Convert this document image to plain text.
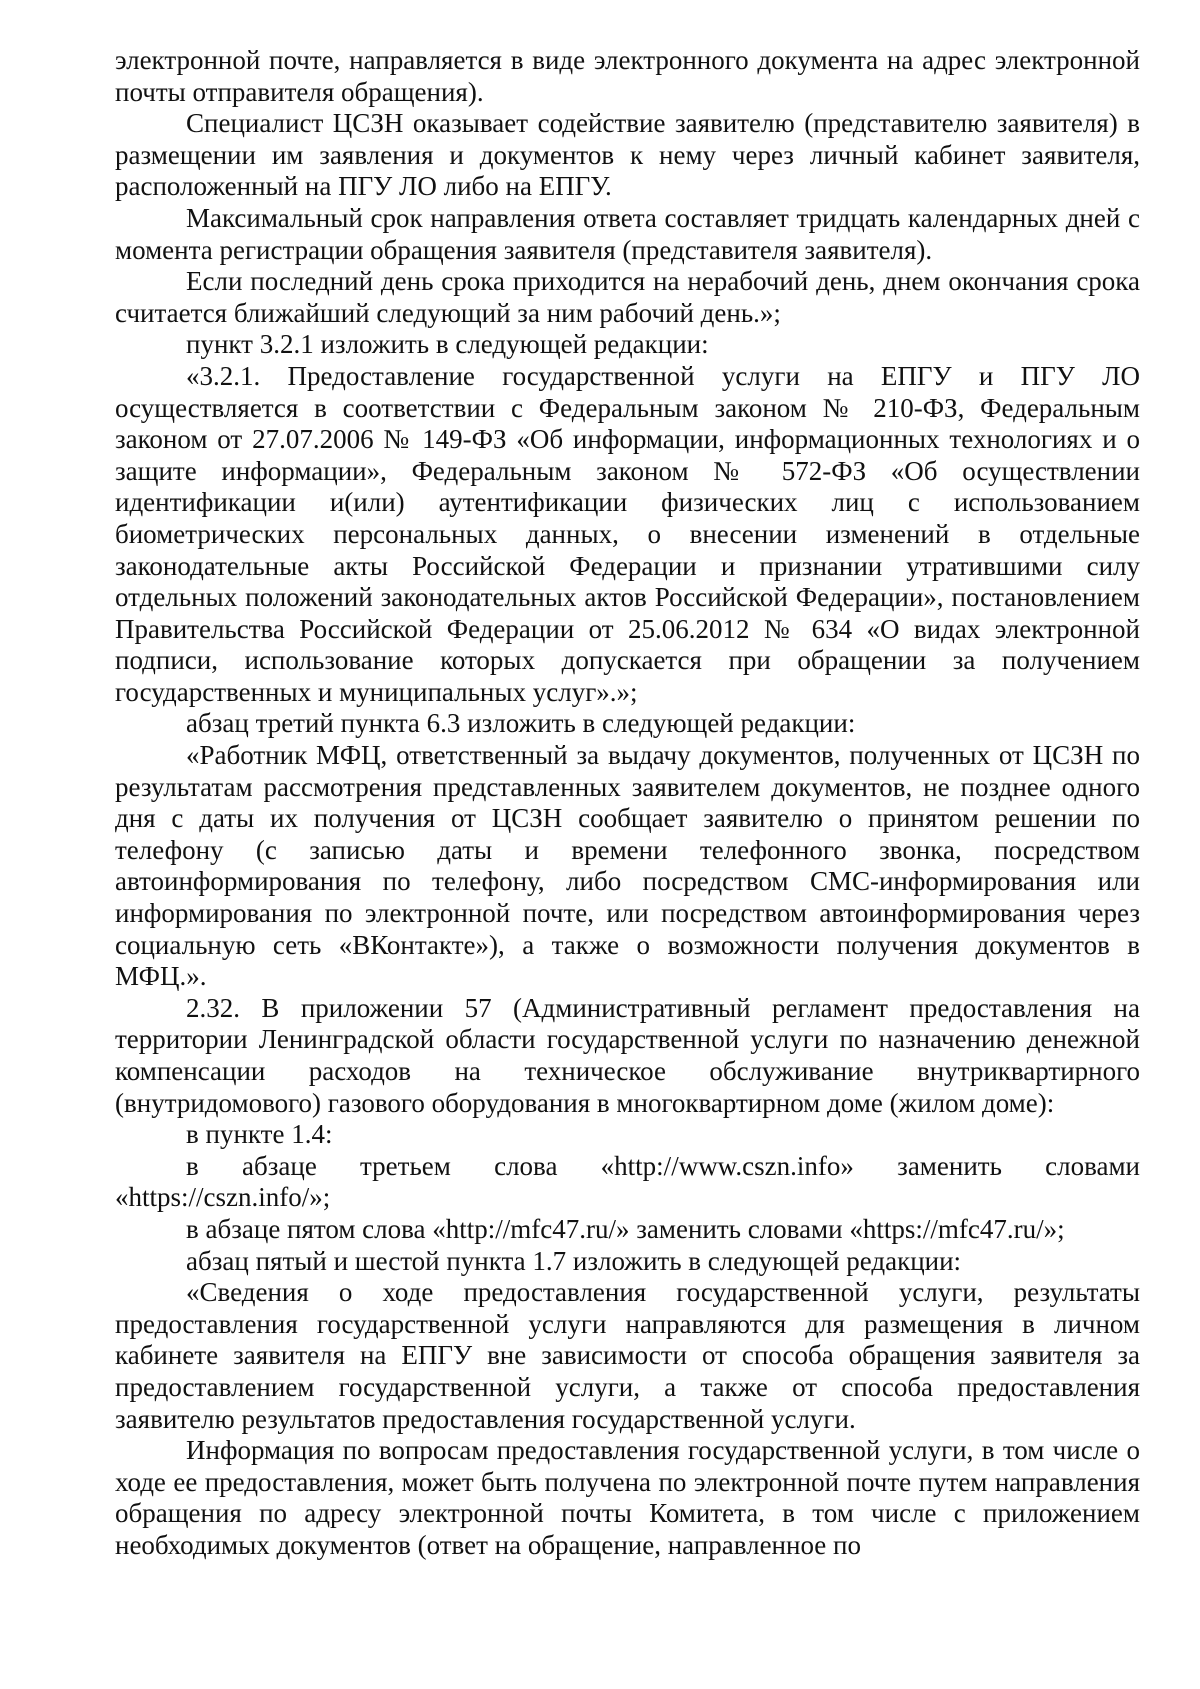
электронной почте, направляется в виде электронного документа на адрес электронной почты отправителя обращения).

Специалист ЦСЗН оказывает содействие заявителю (представителю заявителя) в размещении им заявления и документов к нему через личный кабинет заявителя, расположенный на ПГУ ЛО либо на ЕПГУ.

Максимальный срок направления ответа составляет тридцать календарных дней с момента регистрации обращения заявителя (представителя заявителя).

Если последний день срока приходится на нерабочий день, днем окончания срока считается ближайший следующий за ним рабочий день.»;

пункт 3.2.1 изложить в следующей редакции:

«3.2.1. Предоставление государственной услуги на ЕПГУ и ПГУ ЛО осуществляется в соответствии с Федеральным законом № 210-ФЗ, Федеральным законом от 27.07.2006 № 149-ФЗ «Об информации, информационных технологиях и о защите информации», Федеральным законом № 572-ФЗ «Об осуществлении идентификации и(или) аутентификации физических лиц с использованием биометрических персональных данных, о внесении изменений в отдельные законодательные акты Российской Федерации и признании утратившими силу отдельных положений законодательных актов Российской Федерации», постановлением Правительства Российской Федерации от 25.06.2012 № 634 «О видах электронной подписи, использование которых допускается при обращении за получением государственных и муниципальных услуг».»;

абзац третий пункта 6.3 изложить в следующей редакции:

«Работник МФЦ, ответственный за выдачу документов, полученных от ЦСЗН по результатам рассмотрения представленных заявителем документов, не позднее одного дня с даты их получения от ЦСЗН сообщает заявителю о принятом решении по телефону (с записью даты и времени телефонного звонка, посредством автоинформирования по телефону, либо посредством СМС-информирования или информирования по электронной почте, или посредством автоинформирования через социальную сеть «ВКонтакте»), а также о возможности получения документов в МФЦ.».

2.32. В приложении 57 (Административный регламент предоставления на территории Ленинградской области государственной услуги по назначению денежной компенсации расходов на техническое обслуживание внутриквартирного (внутридомового) газового оборудования в многоквартирном доме (жилом доме):

в пункте 1.4:

в абзаце третьем слова «http://www.cszn.info» заменить словами «https://cszn.info/»;

в абзаце пятом слова «http://mfc47.ru/» заменить словами «https://mfc47.ru/»;

абзац пятый и шестой пункта 1.7 изложить в следующей редакции:

«Сведения о ходе предоставления государственной услуги, результаты предоставления государственной услуги направляются для размещения в личном кабинете заявителя на ЕПГУ вне зависимости от способа обращения заявителя за предоставлением государственной услуги, а также от способа предоставления заявителю результатов предоставления государственной услуги.

Информация по вопросам предоставления государственной услуги, в том числе о ходе ее предоставления, может быть получена по электронной почте путем направления обращения по адресу электронной почты Комитета, в том числе с приложением необходимых документов (ответ на обращение, направленное по
